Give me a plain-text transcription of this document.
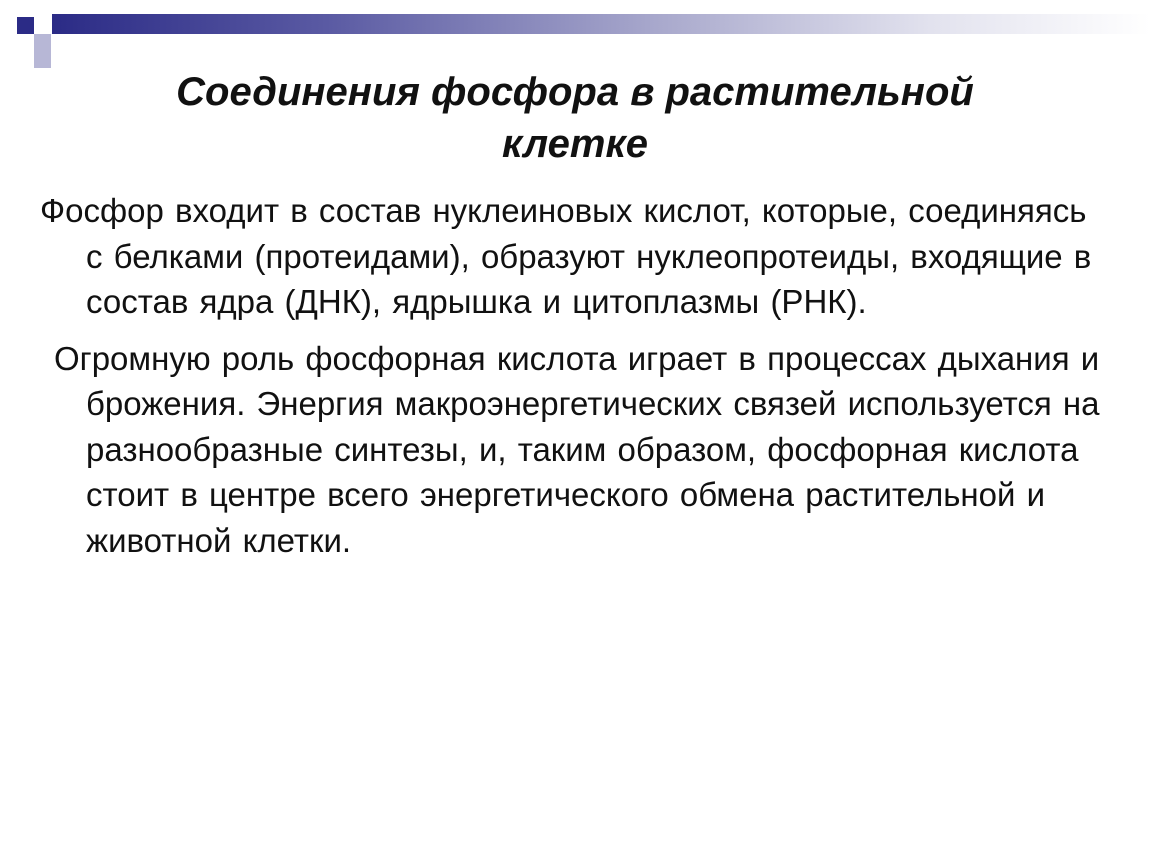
Соединения фосфора в растительной клетке

Фосфор входит в состав нуклеиновых кислот, которые, соединяясь с белками (протеидами), образуют нуклеопротеиды, входящие в состав ядра (ДНК), ядрышка и цитоплазмы (РНК).

Огромную роль фосфорная кислота играет в процессах дыхания и брожения. Энергия макроэнергетических связей используется на разнообразные синтезы, и, таким образом, фосфорная кислота стоит в центре всего энергетического обмена растительной и животной клетки.
